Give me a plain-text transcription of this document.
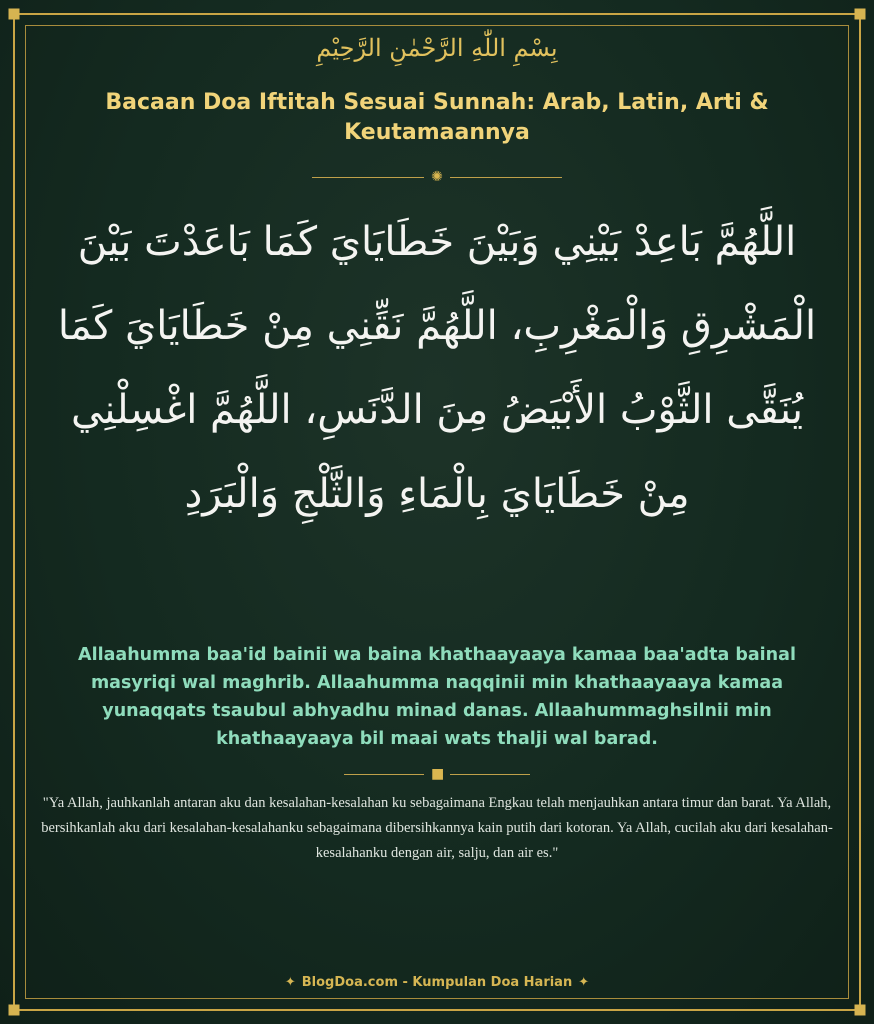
بِسْمِ اللّٰهِ الرَّحْمٰنِ الرَّحِيْمِ
Bacaan Doa Iftitah Sesuai Sunnah: Arab, Latin, Arti & Keutamaannya
✺
اللَّهُمَّ بَاعِدْ بَيْنِي وَبَيْنَ خَطَايَايَ كَمَا بَاعَدْتَ بَيْنَ الْمَشْرِقِ وَالْمَغْرِبِ، اللَّهُمَّ نَقِّنِي مِنْ خَطَايَايَ كَمَا يُنَقَّى الثَّوْبُ الأَبْيَضُ مِنَ الدَّنَسِ، اللَّهُمَّ اغْسِلْنِي مِنْ خَطَايَايَ بِالْمَاءِ وَالثَّلْجِ وَالْبَرَدِ
Allaahumma baa'id bainii wa baina khathaayaaya kamaa baa'adta bainal masyriqi wal maghrib. Allaahumma naqqinii min khathaayaaya kamaa yunaqqats tsaubul abhyadhu minad danas. Allaahummaghsilnii min khathaayaaya bil maai wats thalji wal barad.
■
"Ya Allah, jauhkanlah antaran aku dan kesalahan-kesalahan ku sebagaimana Engkau telah menjauhkan antara timur dan barat. Ya Allah, bersihkanlah aku dari kesalahan-kesalahanku sebagaimana dibersihkannya kain putih dari kotoran. Ya Allah, cucilah aku dari kesalahan-kesalahanku dengan air, salju, dan air es."
✦ BlogDoa.com - Kumpulan Doa Harian ✦
